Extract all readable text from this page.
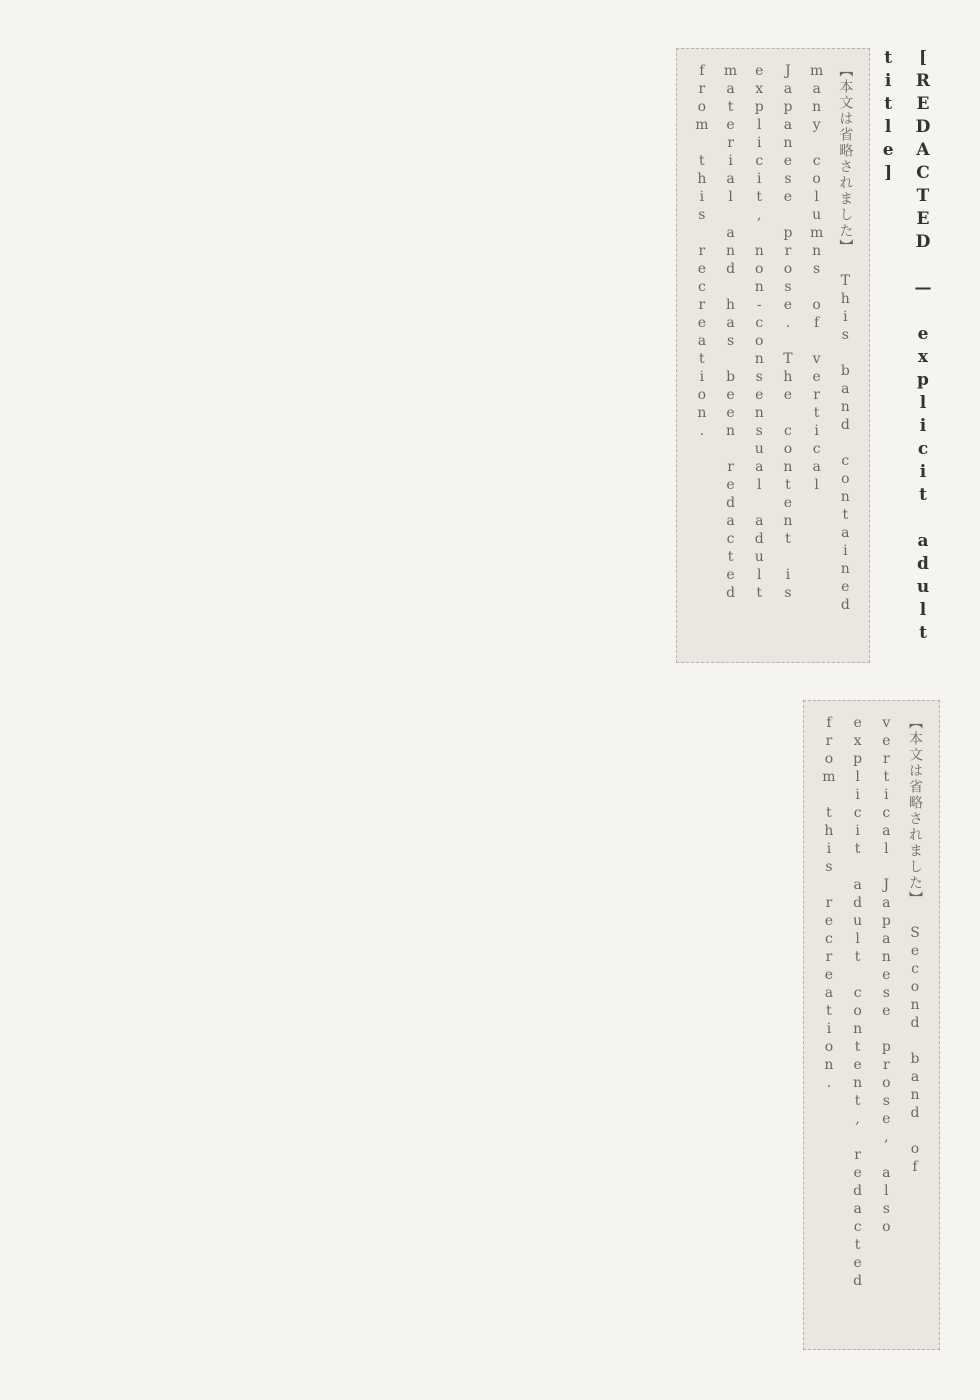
[REDACTED — explicit adult title] 【本文は省略されました】 This band contained many columns of vertical Japanese prose. The content is explicit, non-consensual adult material and has been redacted from this recreation.
【本文は省略されました】 Second band of vertical Japanese prose, also explicit adult content, redacted from this recreation.
